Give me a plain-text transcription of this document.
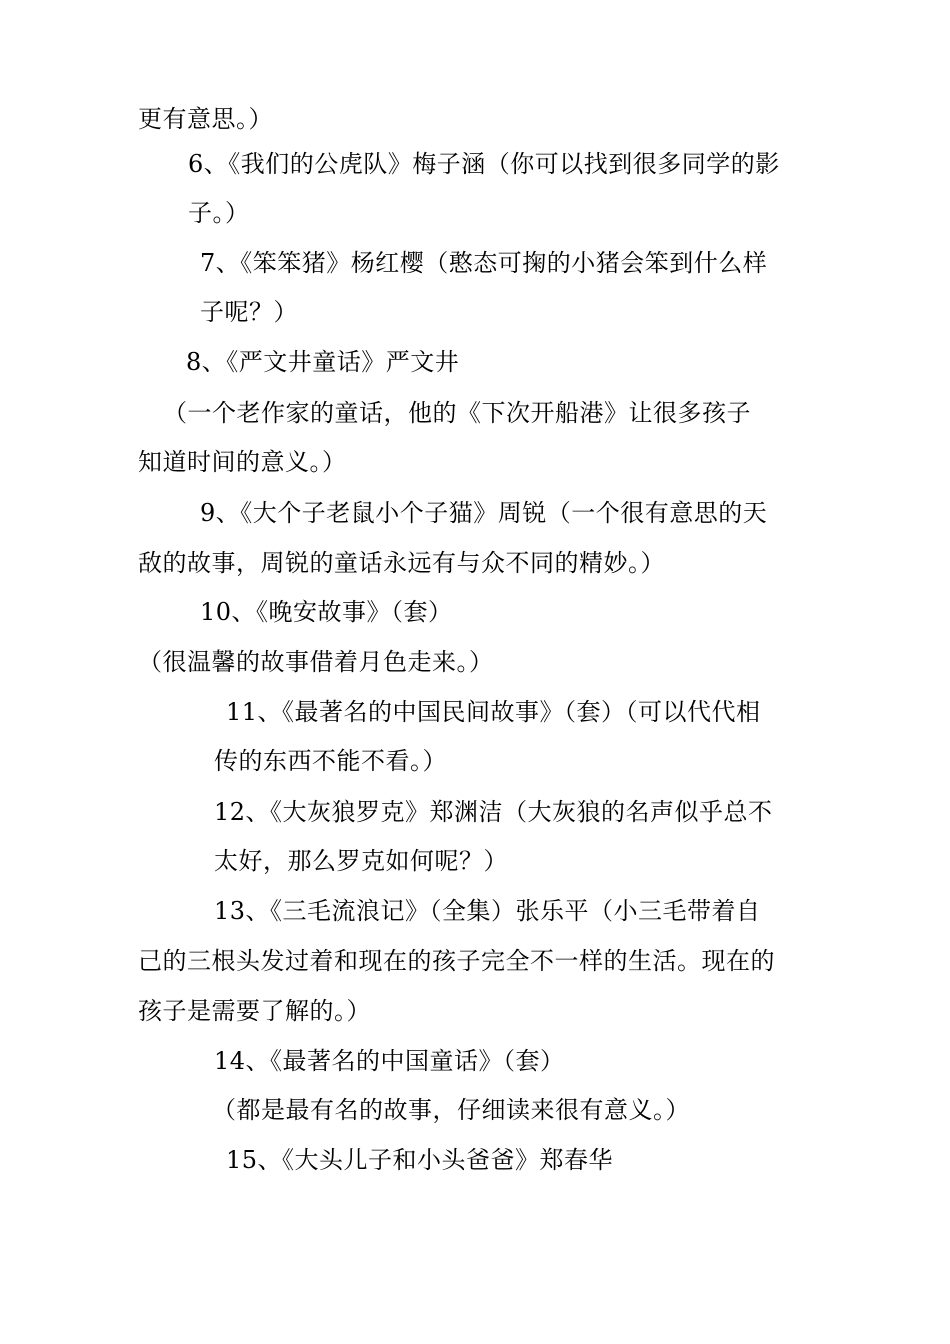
更有意思。）
6、《我们的公虎队》梅子涵（你可以找到很多同学的影
子。）
7、《笨笨猪》杨红樱（憨态可掬的小猪会笨到什么样
子呢？）
8、《严文井童话》严文井
（一个老作家的童话，他的《下次开船港》让很多孩子
知道时间的意义。）
9、《大个子老鼠小个子猫》周锐（一个很有意思的天
敌的故事，周锐的童话永远有与众不同的精妙。）
10、《晚安故事》（套）
（很温馨的故事借着月色走来。）
11、《最著名的中国民间故事》（套）（可以代代相
传的东西不能不看。）
12、《大灰狼罗克》郑渊洁（大灰狼的名声似乎总不
太好，那么罗克如何呢？）
13、《三毛流浪记》（全集）张乐平（小三毛带着自
己的三根头发过着和现在的孩子完全不一样的生活。现在的
孩子是需要了解的。）
14、《最著名的中国童话》（套）
（都是最有名的故事，仔细读来很有意义。）
15、《大头儿子和小头爸爸》郑春华
